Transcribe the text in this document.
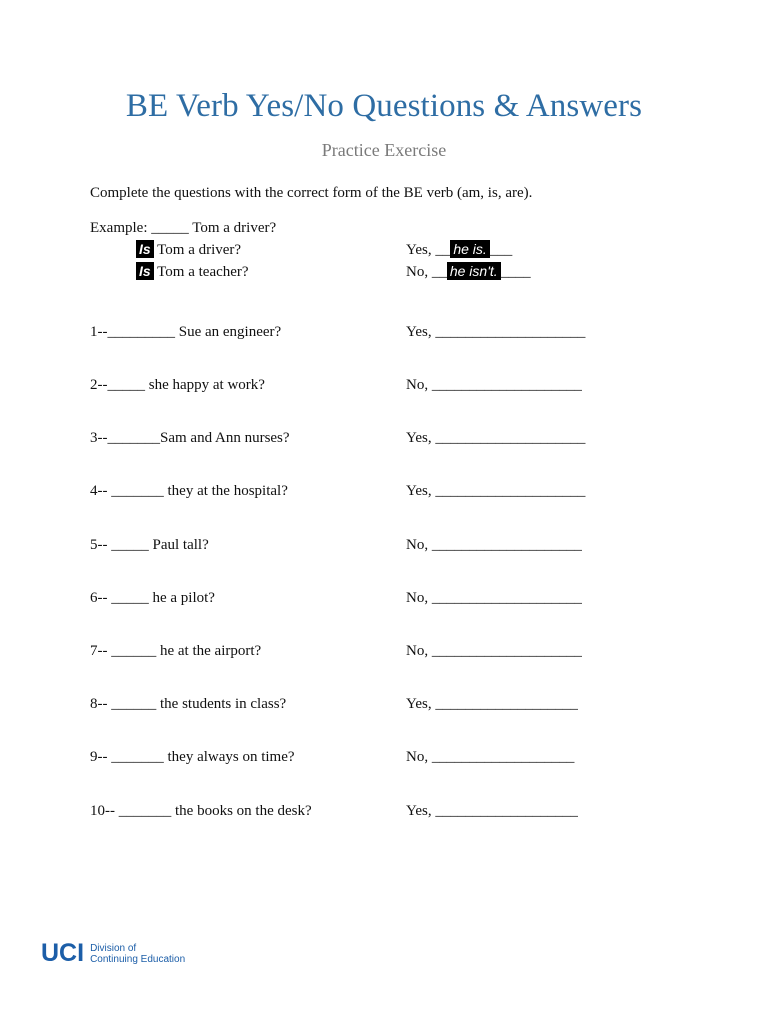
BE Verb Yes/No Questions & Answers
Practice Exercise
Complete the questions with the correct form of the BE verb (am, is, are).
Example: _____ Tom a driver?
Is Tom a driver?	Yes, __ he is. ___
Is Tom a teacher?	No, __ he isn't. ____
1--_________ Sue an engineer?	Yes, ____________________
2--_____ she happy at work?	No, ____________________
3--_______Sam and Ann nurses?	Yes, ____________________
4-- _______ they at the hospital?	Yes, ____________________
5-- _____ Paul tall?	No, ____________________
6-- _____ he a pilot?	No, ____________________
7-- ______ he at the airport?	No, ____________________
8-- ______ the students in class?	Yes, ___________________
9-- _______ they always on time?	No, ___________________
10-- _______ the books on the desk?	Yes, ___________________
UCI Division of
Continuing Education
